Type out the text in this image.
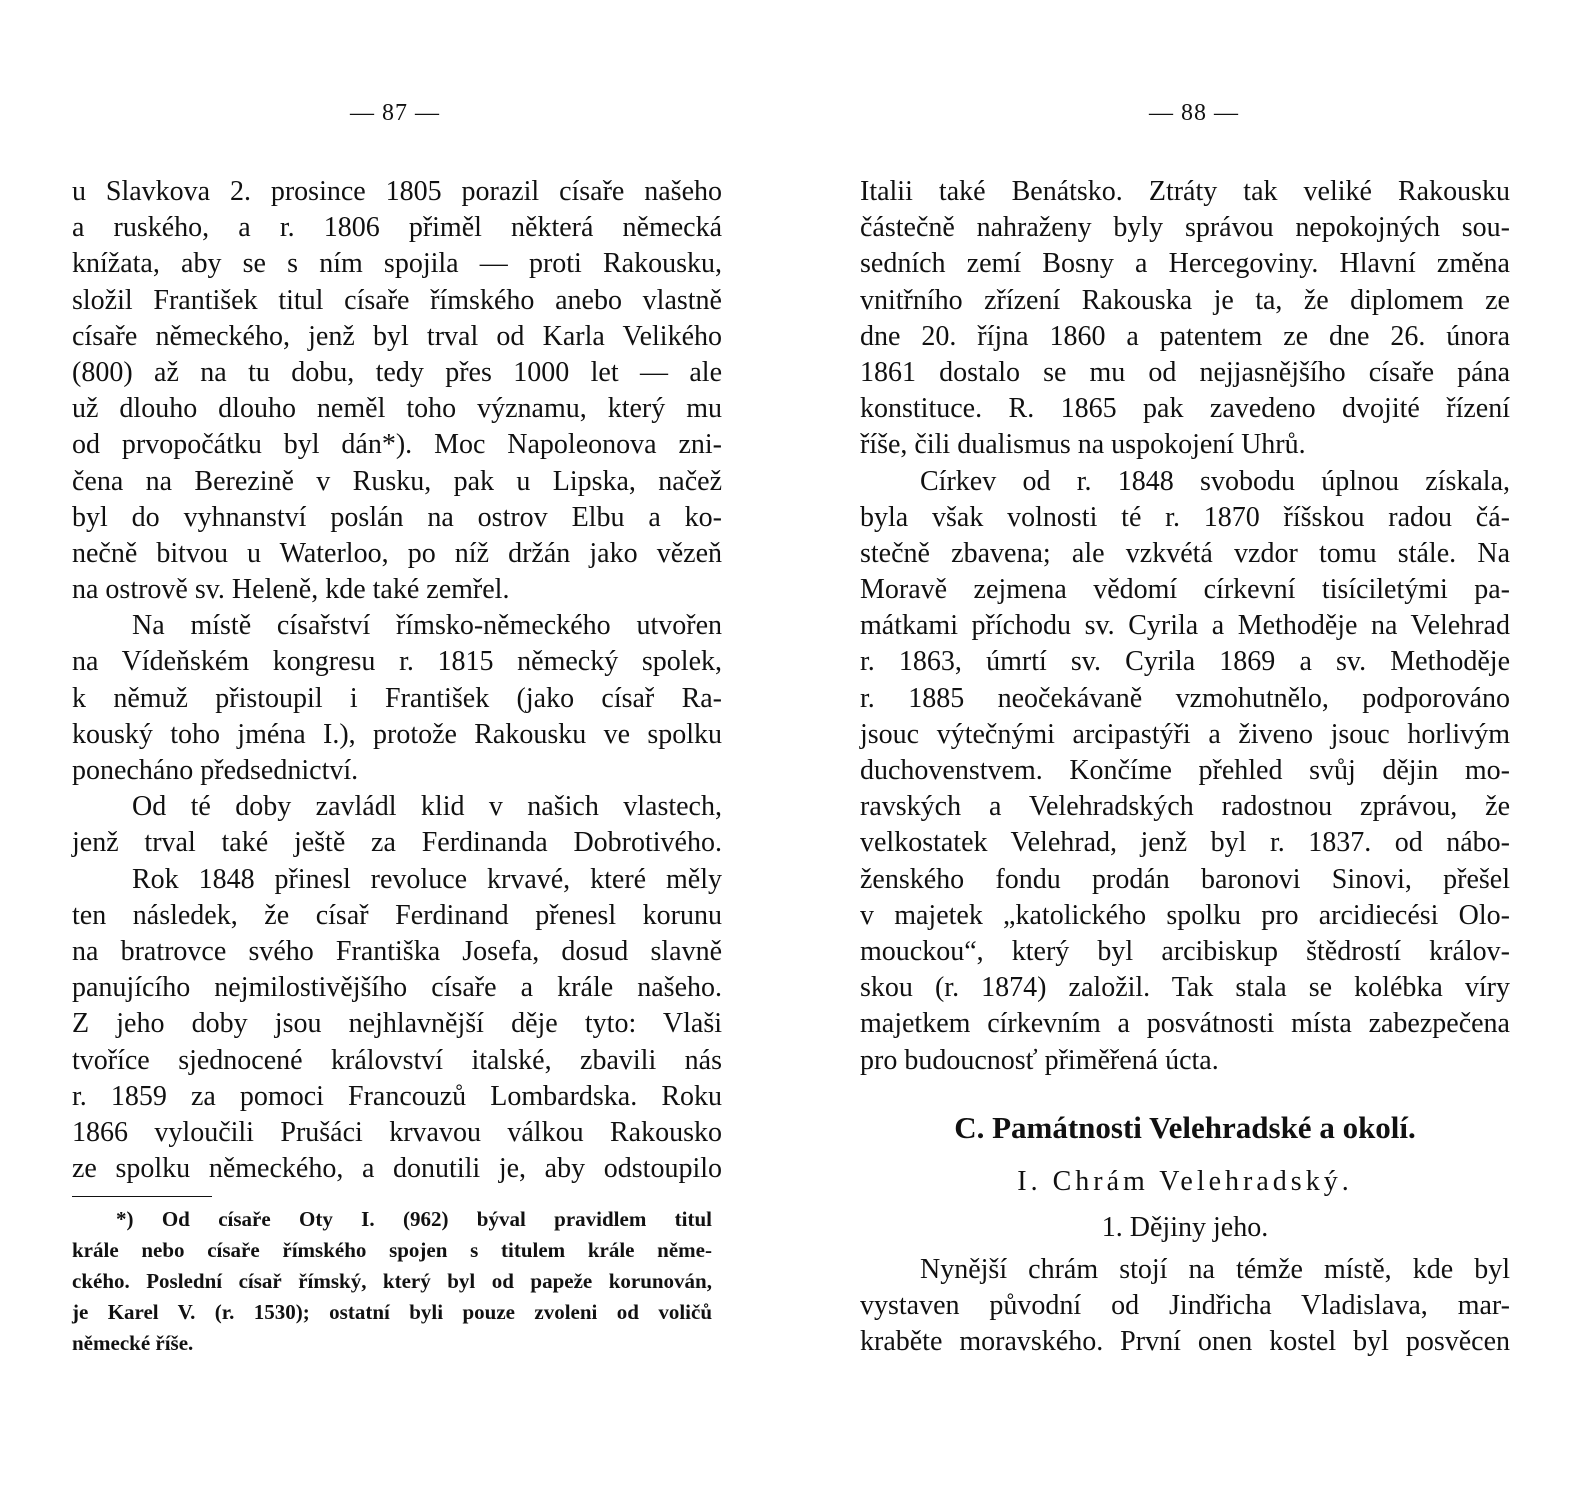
— 87 —
u Slavkova 2. prosince 1805 porazil císaře našeho
a ruského, a r. 1806 přiměl některá německá
knížata, aby se s ním spojila — proti Rakousku,
složil František titul císaře římského anebo vlastně
císaře německého, jenž byl trval od Karla Velikého
(800) až na tu dobu, tedy přes 1000 let — ale
už dlouho dlouho neměl toho významu, který mu
od prvopočátku byl dán*). Moc Napoleonova zni-
čena na Berezině v Rusku, pak u Lipska, načež
byl do vyhnanství poslán na ostrov Elbu a ko-
nečně bitvou u Waterloo, po níž držán jako vězeň
na ostrově sv. Heleně, kde také zemřel.
Na místě císařství římsko-německého utvořen
na Vídeňském kongresu r. 1815 německý spolek,
k němuž přistoupil i František (jako císař Ra-
kouský toho jména I.), protože Rakousku ve spolku
ponecháno předsednictví.
Od té doby zavládl klid v našich vlastech,
jenž trval také ještě za Ferdinanda Dobrotivého.
Rok 1848 přinesl revoluce krvavé, které měly
ten následek, že císař Ferdinand přenesl korunu
na bratrovce svého Františka Josefa, dosud slavně
panujícího nejmilostivějšího císaře a krále našeho.
Z jeho doby jsou nejhlavnější děje tyto: Vlaši
tvoříce sjednocené království italské, zbavili nás
r. 1859 za pomoci Francouzů Lombardska. Roku
1866 vyloučili Prušáci krvavou válkou Rakousko
ze spolku německého, a donutili je, aby odstoupilo
*) Od císaře Oty I. (962) býval pravidlem titul
krále nebo císaře římského spojen s titulem krále něme-
ckého. Poslední císař římský, který byl od papeže korunován,
je Karel V. (r. 1530); ostatní byli pouze zvoleni od voličů
německé říše.
— 88 —
Italii také Benátsko. Ztráty tak veliké Rakousku
částečně nahraženy byly správou nepokojných sou-
sedních zemí Bosny a Hercegoviny. Hlavní změna
vnitřního zřízení Rakouska je ta, že diplomem ze
dne 20. října 1860 a patentem ze dne 26. února
1861 dostalo se mu od nejjasnějšího císaře pána
konstituce. R. 1865 pak zavedeno dvojité řízení
říše, čili dualismus na uspokojení Uhrů.
Církev od r. 1848 svobodu úplnou získala,
byla však volnosti té r. 1870 říšskou radou čá-
stečně zbavena; ale vzkvétá vzdor tomu stále. Na
Moravě zejmena vědomí církevní tisíciletými pa-
mátkami příchodu sv. Cyrila a Methoděje na Velehrad
r. 1863, úmrtí sv. Cyrila 1869 a sv. Methoděje
r. 1885 neočekávaně vzmohutnělo, podporováno
jsouc výtečnými arcipastýři a živeno jsouc horlivým
duchovenstvem. Končíme přehled svůj dějin mo-
ravských a Velehradských radostnou zprávou, že
velkostatek Velehrad, jenž byl r. 1837. od nábo-
ženského fondu prodán baronovi Sinovi, přešel
v majetek „katolického spolku pro arcidiecési Olo-
mouckou“, který byl arcibiskup štědrostí králov-
skou (r. 1874) založil. Tak stala se kolébka víry
majetkem církevním a posvátnosti místa zabezpečena
pro budoucnosť přiměřená úcta.
C. Památnosti Velehradské a okolí.
I. Chrám Velehradský.
1. Dějiny jeho.
Nynější chrám stojí na témže místě, kde byl
vystaven původní od Jindřicha Vladislava, mar-
kraběte moravského. První onen kostel byl posvěcen
